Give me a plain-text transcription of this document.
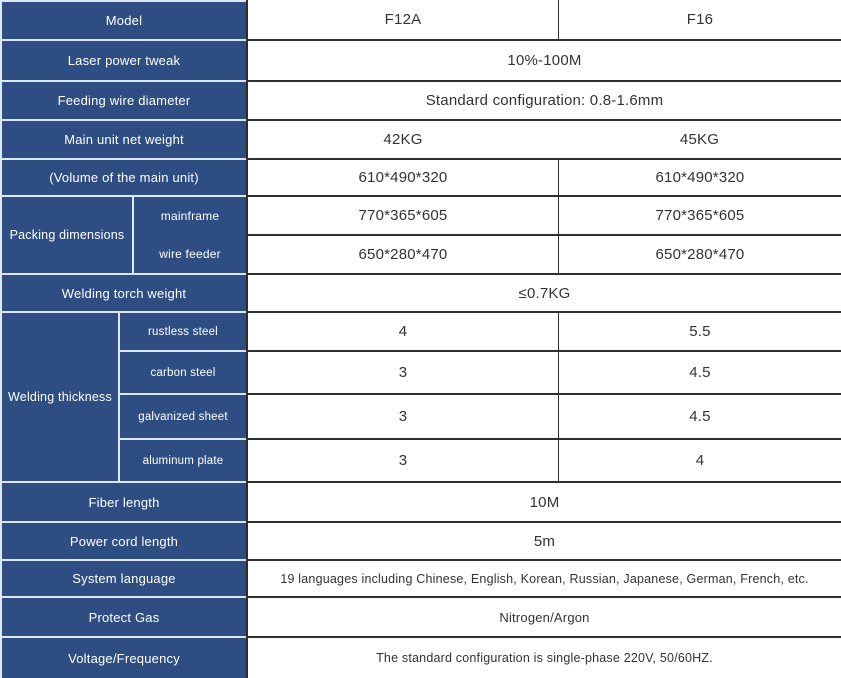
Model	F12A	F16
Laser power tweak	10%-100M
Feeding wire diameter	Standard configuration: 0.8-1.6mm
Main unit net weight	42KG	45KG
(Volume of the main unit)	610*490*320	610*490*320
Packing dimensions
mainframe	770*365*605	770*365*605
wire feeder	650*280*470	650*280*470
Welding torch weight	≤0.7KG
Welding thickness
rustless steel	4	5.5
carbon steel	3	4.5
galvanized sheet	3	4.5
aluminum plate	3	4
Fiber length	10M
Power cord length	5m
System language	19 languages including Chinese, English, Korean, Russian, Japanese, German, French, etc.
Protect Gas	Nitrogen/Argon
Voltage/Frequency	The standard configuration is single-phase 220V, 50/60HZ.
